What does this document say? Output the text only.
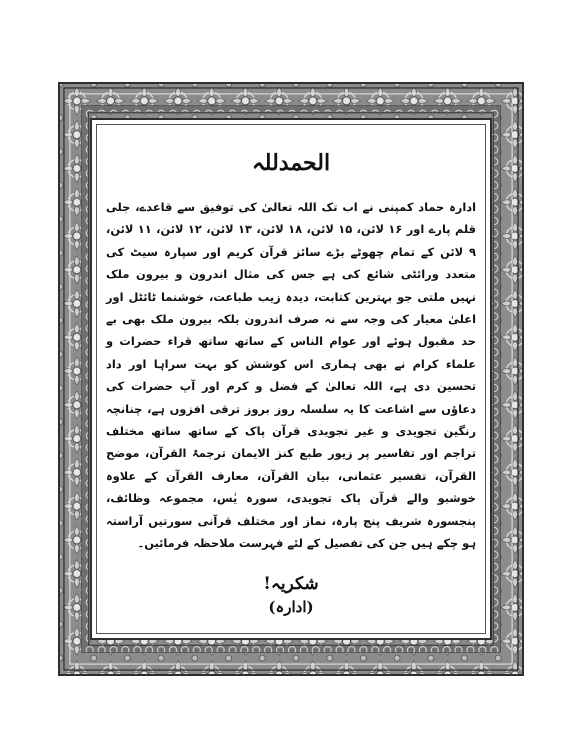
الحمدللہ

ادارہ حماد کمپنی نے اب تک اللہ تعالیٰ کی توفیق سے قاعدے، جلی قلم پارے اور ۱۶ لائن، ۱۵ لائن، ۱۸ لائن، ۱۳ لائن، ۱۲ لائن، ۱۱ لائن، ۹ لائن کے تمام چھوٹے بڑے سائز قرآن کریم اور سپارہ سیٹ کی متعدد ورائٹی شائع کی ہے جس کی مثال اندرون و بیرون ملک نہیں ملتی جو بہترین کتابت، دیدہ زیب طباعت، خوشنما ٹائٹل اور اعلیٰ معیار کی وجہ سے نہ صرف اندرون بلکہ بیرون ملک بھی بے حد مقبول ہوئے اور عوام الناس کے ساتھ ساتھ قراء حضرات و علماء کرام نے بھی ہماری اس کوشش کو بہت سراہا اور داد تحسین دی ہے، اللہ تعالیٰ کے فضل و کرم اور آپ حضرات کی دعاؤں سے اشاعت کا یہ سلسلہ روز بروز ترقی افزوں ہے، چنانچہ رنگین تجویدی و غیر تجویدی قرآن پاک کے ساتھ ساتھ مختلف تراجم اور تفاسیر پر زیور طبع کنز الایمان ترجمۂ القرآن، موضح القرآن، تفسیر عثمانی، بیان القرآن، معارف القرآن کے علاوہ خوشبو والے قرآن پاک تجویدی، سورہ یٰس، مجموعہ وظائف، پنجسورہ شریف پنج پارہ، نماز اور مختلف قرآنی سورتیں آراستہ ہو چکے ہیں جن کی تفصیل کے لئے فہرست ملاحظہ فرمائیں۔

شکریہ!
(ادارہ)
